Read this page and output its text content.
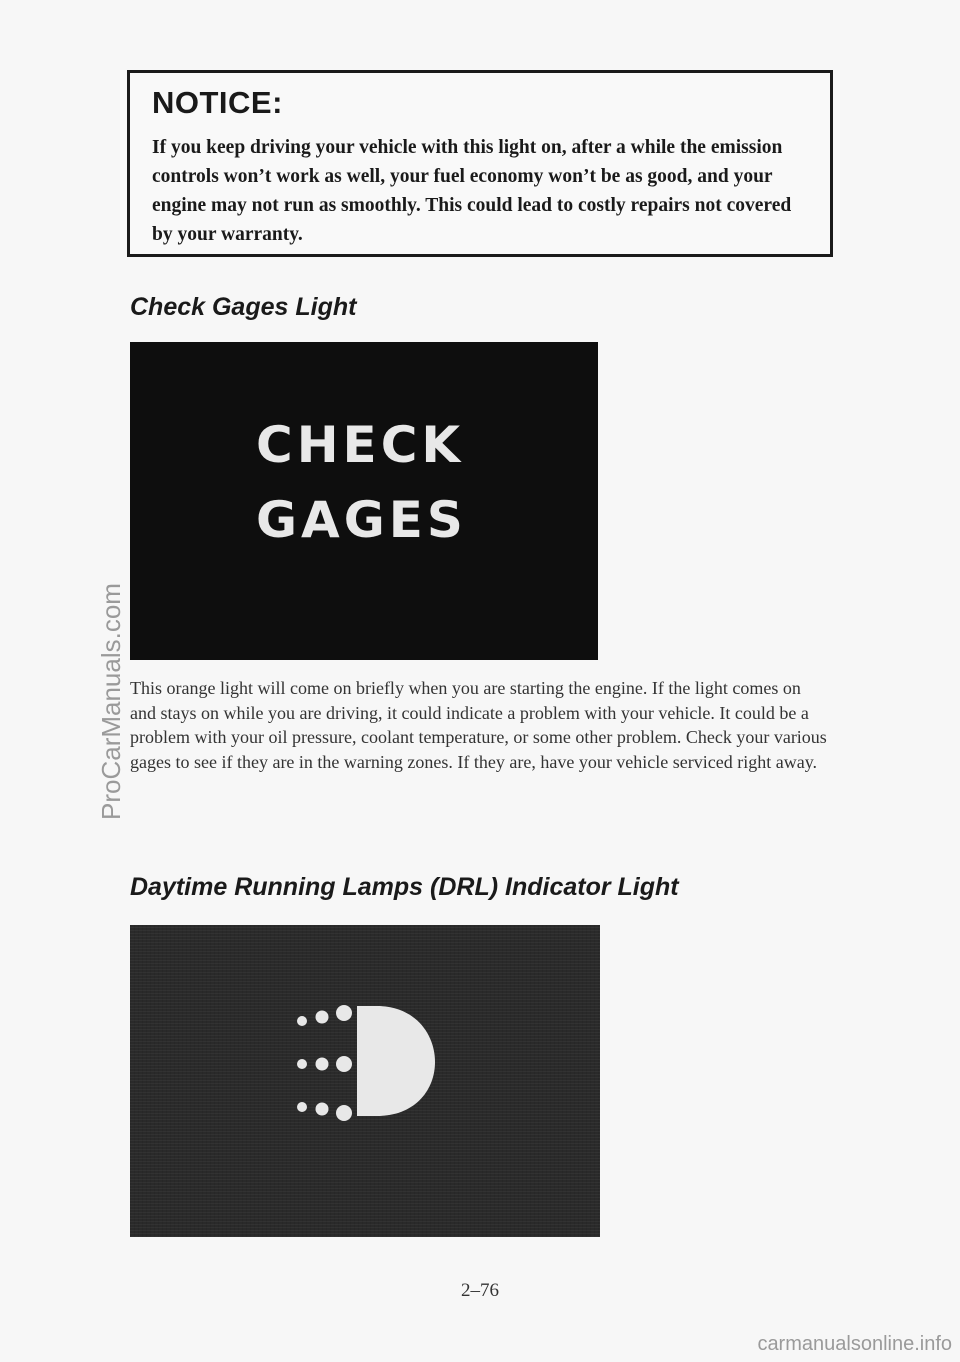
NOTICE:
If you keep driving your vehicle with this light on, after a while the emission controls won’t work as well, your fuel economy won’t be as good, and your engine may not run as smoothly. This could lead to costly repairs not covered by your warranty.
Check Gages Light
CHECK
GAGES
This orange light will come on briefly when you are starting the engine. If the light comes on and stays on while you are driving, it could indicate a problem with your vehicle. It could be a problem with your oil pressure, coolant temperature, or some other problem. Check your various gages to see if they are in the warning zones. If they are, have your vehicle serviced right away.
Daytime Running Lamps (DRL) Indicator Light
2–76
ProCarManuals.com
carmanualsonline.info
